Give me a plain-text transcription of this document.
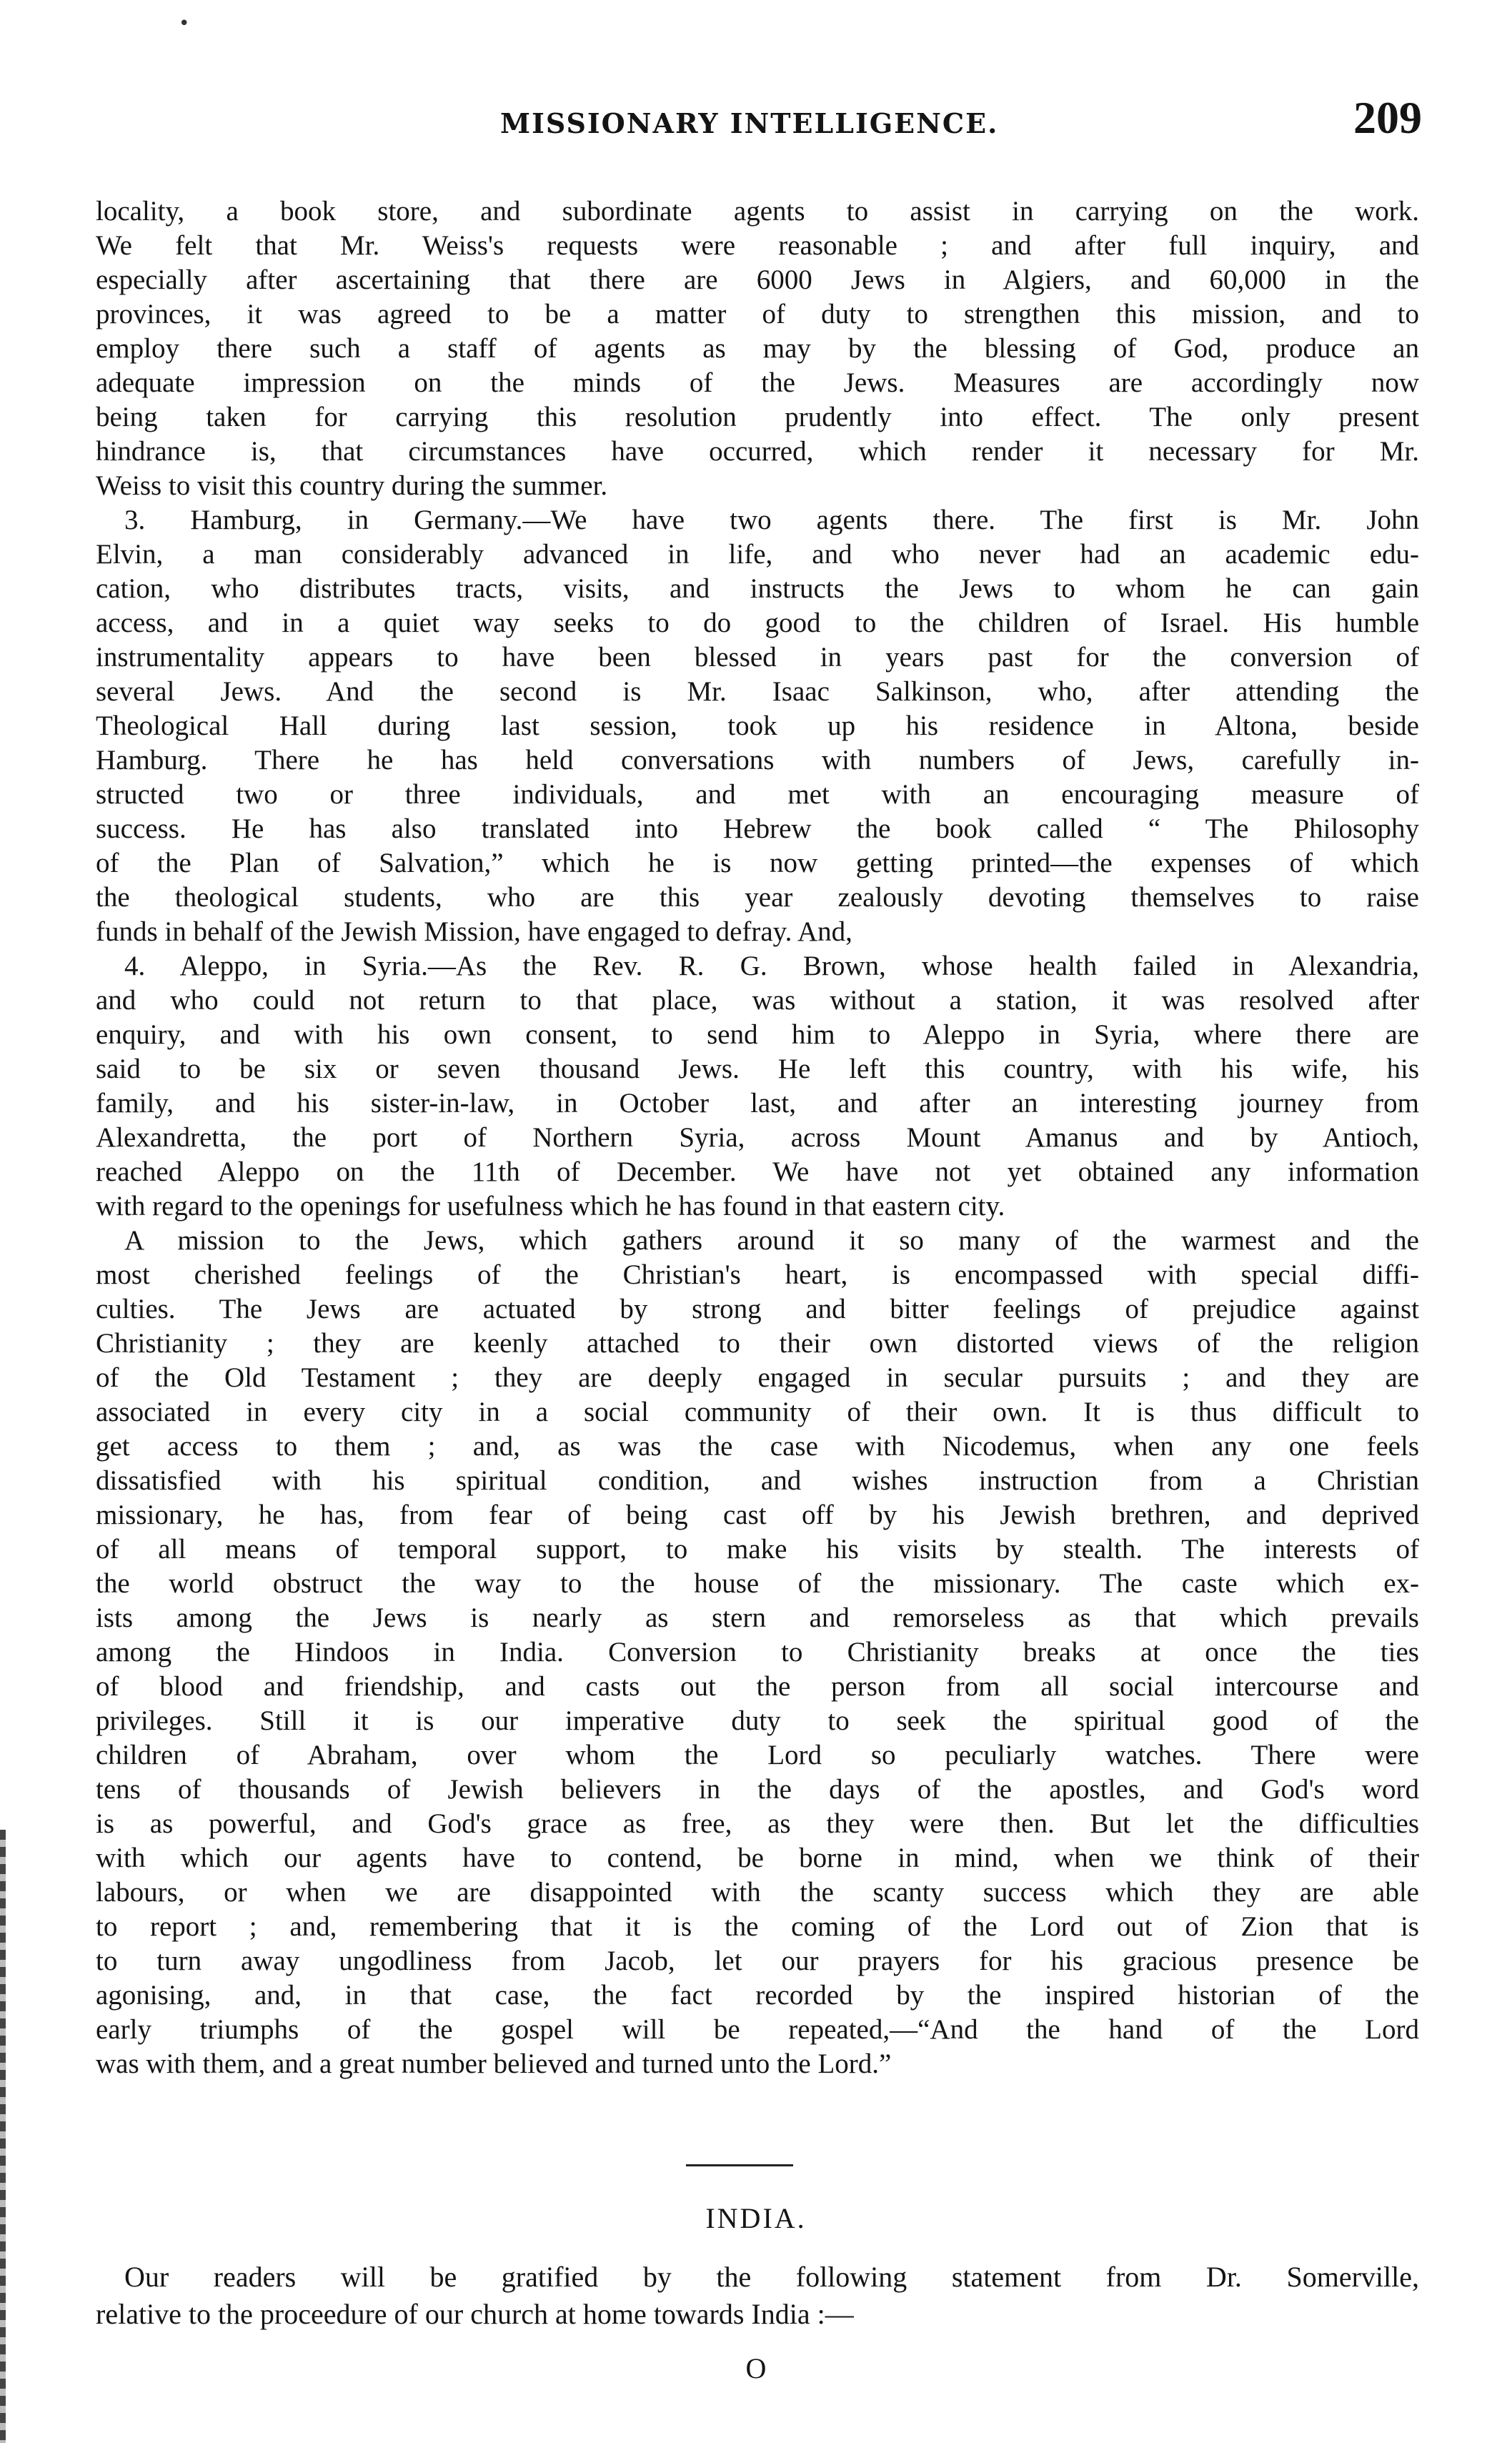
•
MISSIONARY INTELLIGENCE.	209
locality, a book store, and subordinate agents to assist in carrying on the work.
We felt that Mr. Weiss's requests were reasonable ; and after full inquiry, and
especially after ascertaining that there are 6000 Jews in Algiers, and 60,000 in the
provinces, it was agreed to be a matter of duty to strengthen this mission, and to
employ there such a staff of agents as may by the blessing of God, produce an
adequate impression on the minds of the Jews. Measures are accordingly now
being taken for carrying this resolution prudently into effect. The only present
hindrance is, that circumstances have occurred, which render it necessary for Mr.
Weiss to visit this country during the summer.
3. Hamburg, in Germany.—We have two agents there. The first is Mr. John
Elvin, a man considerably advanced in life, and who never had an academic edu-
cation, who distributes tracts, visits, and instructs the Jews to whom he can gain
access, and in a quiet way seeks to do good to the children of Israel. His humble
instrumentality appears to have been blessed in years past for the conversion of
several Jews. And the second is Mr. Isaac Salkinson, who, after attending the
Theological Hall during last session, took up his residence in Altona, beside
Hamburg. There he has held conversations with numbers of Jews, carefully in-
structed two or three individuals, and met with an encouraging measure of
success. He has also translated into Hebrew the book called “ The Philosophy
of the Plan of Salvation,” which he is now getting printed—the expenses of which
the theological students, who are this year zealously devoting themselves to raise
funds in behalf of the Jewish Mission, have engaged to defray. And,
4. Aleppo, in Syria.—As the Rev. R. G. Brown, whose health failed in Alexandria,
and who could not return to that place, was without a station, it was resolved after
enquiry, and with his own consent, to send him to Aleppo in Syria, where there are
said to be six or seven thousand Jews. He left this country, with his wife, his
family, and his sister-in-law, in October last, and after an interesting journey from
Alexandretta, the port of Northern Syria, across Mount Amanus and by Antioch,
reached Aleppo on the 11th of December. We have not yet obtained any information
with regard to the openings for usefulness which he has found in that eastern city.
A mission to the Jews, which gathers around it so many of the warmest and the
most cherished feelings of the Christian's heart, is encompassed with special diffi-
culties. The Jews are actuated by strong and bitter feelings of prejudice against
Christianity ; they are keenly attached to their own distorted views of the religion
of the Old Testament ; they are deeply engaged in secular pursuits ; and they are
associated in every city in a social community of their own. It is thus difficult to
get access to them ; and, as was the case with Nicodemus, when any one feels
dissatisfied with his spiritual condition, and wishes instruction from a Christian
missionary, he has, from fear of being cast off by his Jewish brethren, and deprived
of all means of temporal support, to make his visits by stealth. The interests of
the world obstruct the way to the house of the missionary. The caste which ex-
ists among the Jews is nearly as stern and remorseless as that which prevails
among the Hindoos in India. Conversion to Christianity breaks at once the ties
of blood and friendship, and casts out the person from all social intercourse and
privileges. Still it is our imperative duty to seek the spiritual good of the
children of Abraham, over whom the Lord so peculiarly watches. There were
tens of thousands of Jewish believers in the days of the apostles, and God's word
is as powerful, and God's grace as free, as they were then. But let the difficulties
with which our agents have to contend, be borne in mind, when we think of their
labours, or when we are disappointed with the scanty success which they are able
to report ; and, remembering that it is the coming of the Lord out of Zion that is
to turn away ungodliness from Jacob, let our prayers for his gracious presence be
agonising, and, in that case, the fact recorded by the inspired historian of the
early triumphs of the gospel will be repeated,—“And the hand of the Lord
was with them, and a great number believed and turned unto the Lord.”
INDIA.
Our readers will be gratified by the following statement from Dr. Somerville,
relative to the proceedure of our church at home towards India :—
O
